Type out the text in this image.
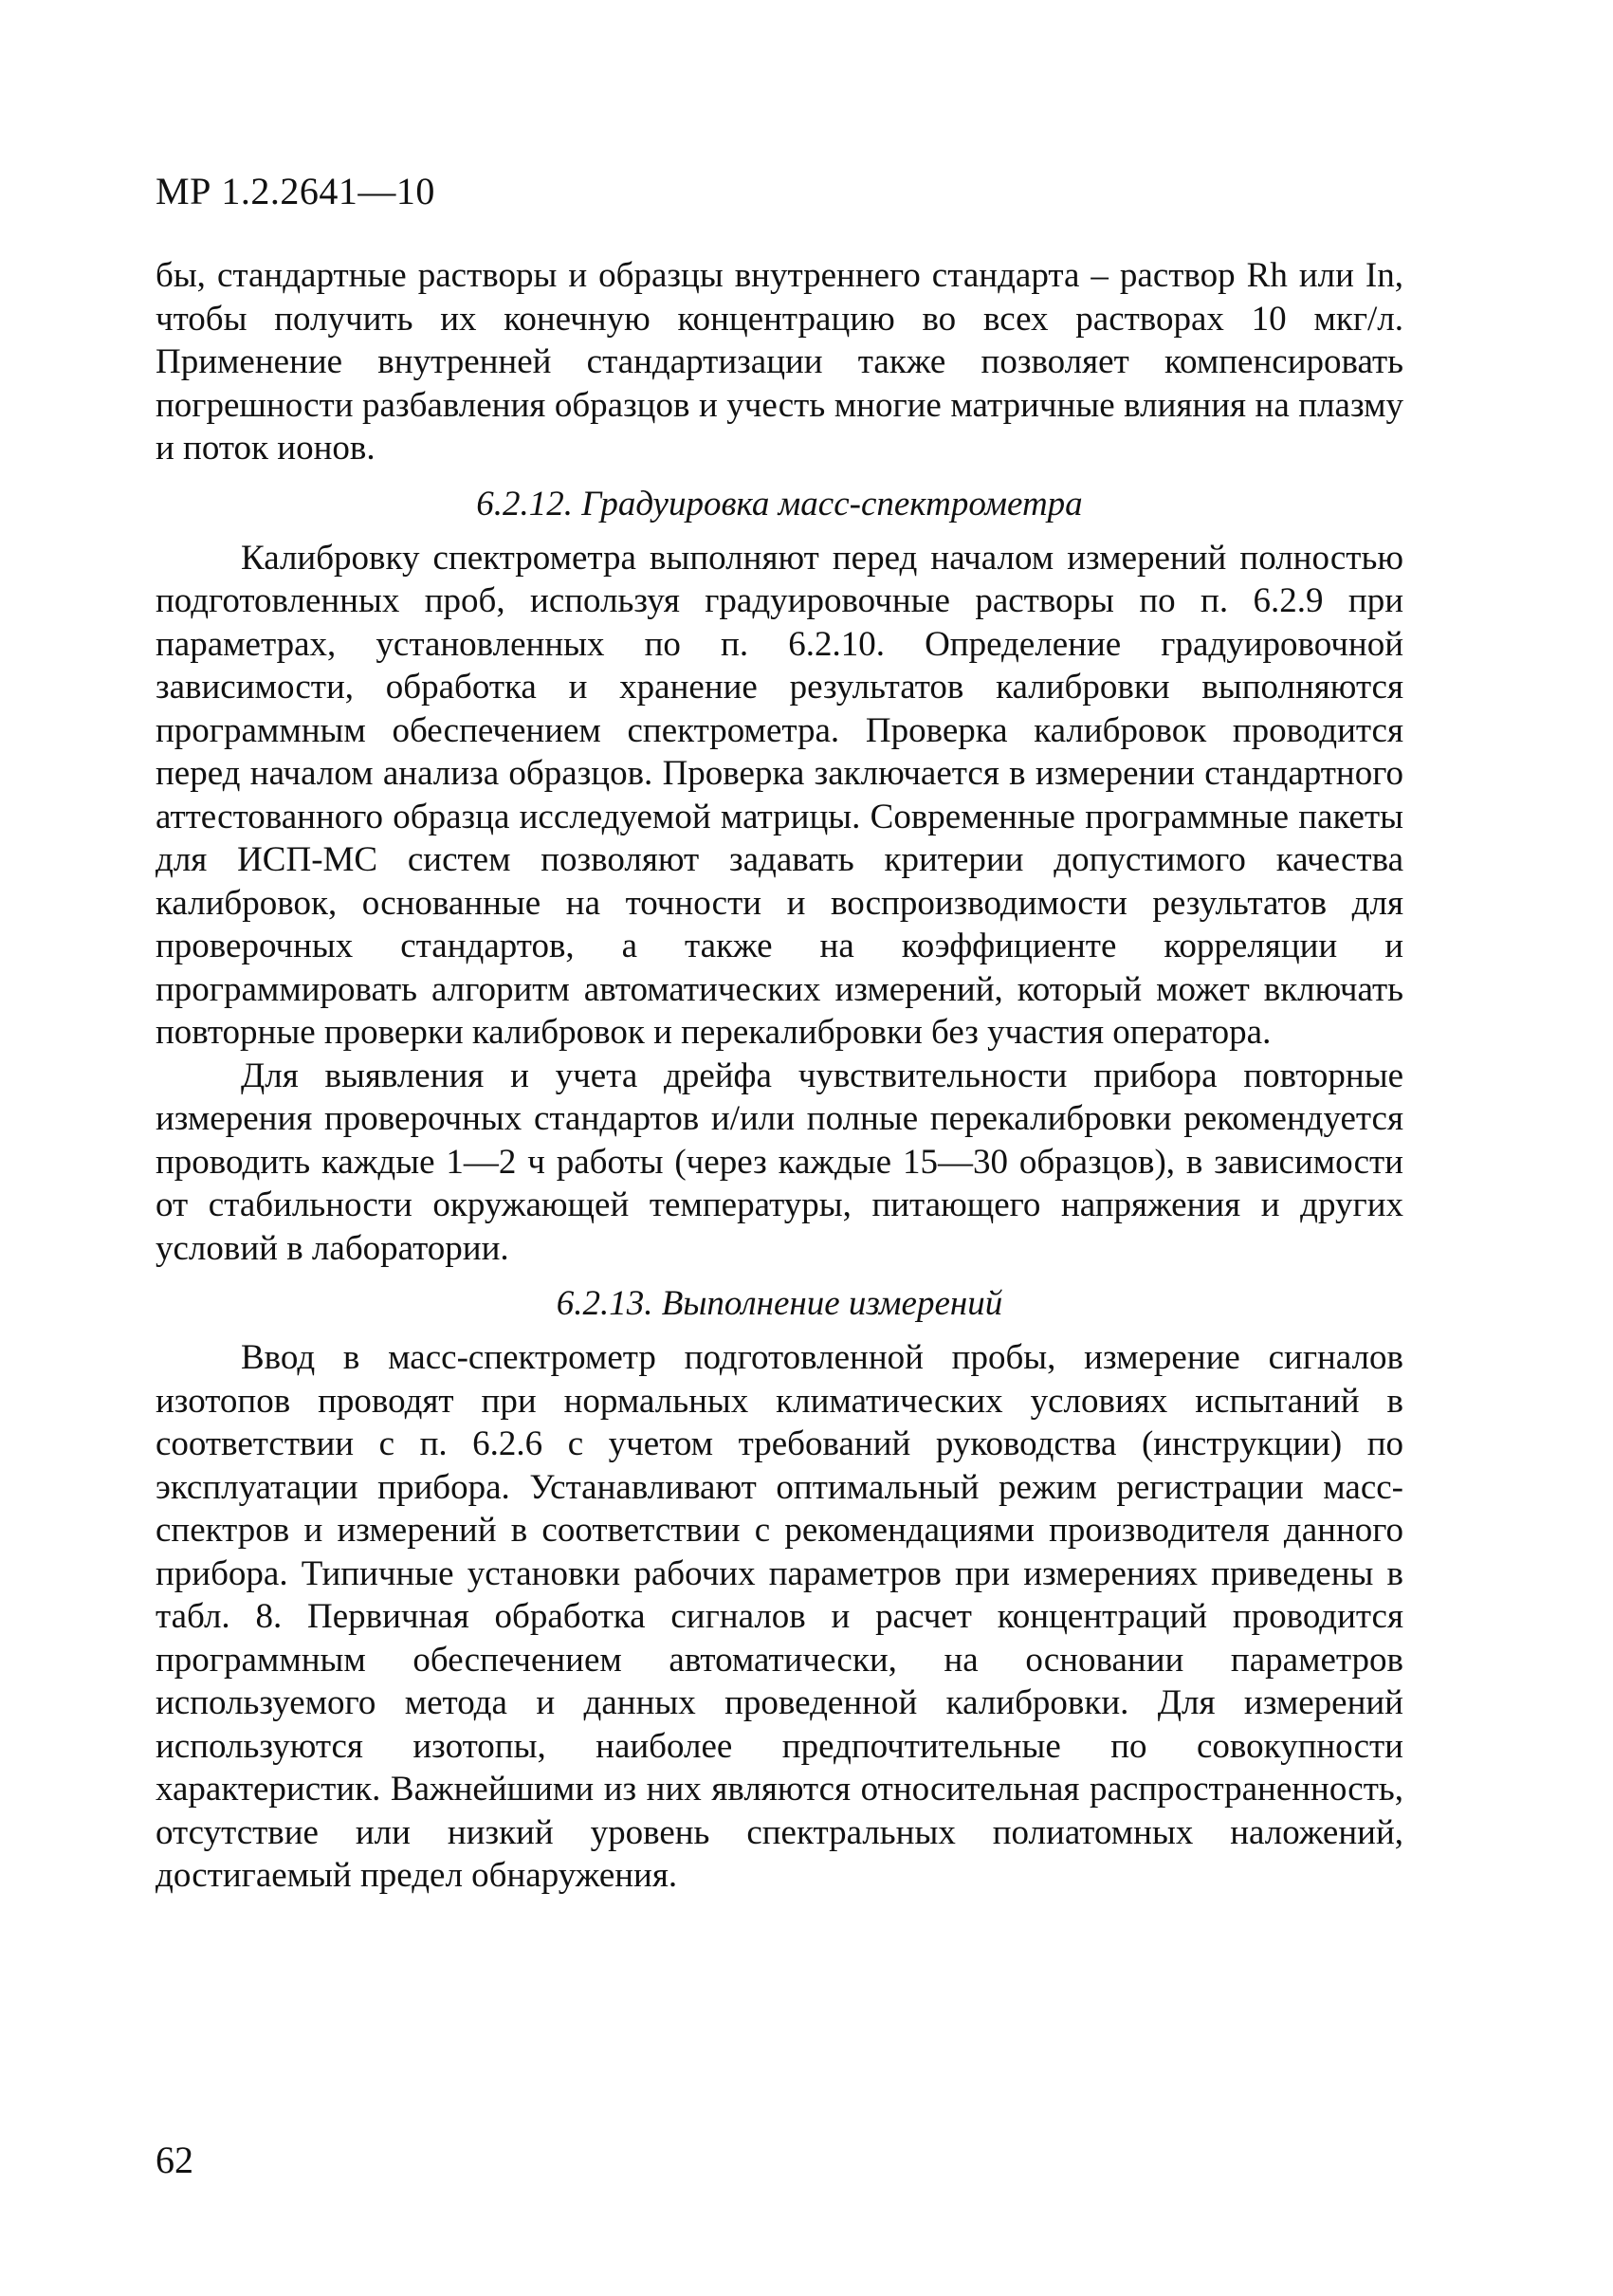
МР 1.2.2641—10

бы, стандартные растворы и образцы внутреннего стандарта – раствор Rh или In, чтобы получить их конечную концентрацию во всех растворах 10 мкг/л. Применение внутренней стандартизации также позволяет компенсировать погрешности разбавления образцов и учесть многие матричные влияния на плазму и поток ионов.

6.2.12. Градуировка масс-спектрометра

Калибровку спектрометра выполняют перед началом измерений полностью подготовленных проб, используя градуировочные растворы по п. 6.2.9 при параметрах, установленных по п. 6.2.10. Определение градуировочной зависимости, обработка и хранение результатов калибровки выполняются программным обеспечением спектрометра. Проверка калибровок проводится перед началом анализа образцов. Проверка заключается в измерении стандартного аттестованного образца исследуемой матрицы. Современные программные пакеты для ИСП-МС систем позволяют задавать критерии допустимого качества калибровок, основанные на точности и воспроизводимости результатов для проверочных стандартов, а также на коэффициенте корреляции и программировать алгоритм автоматических измерений, который может включать повторные проверки калибровок и перекалибровки без участия оператора.

Для выявления и учета дрейфа чувствительности прибора повторные измерения проверочных стандартов и/или полные перекалибровки рекомендуется проводить каждые 1—2 ч работы (через каждые 15—30 образцов), в зависимости от стабильности окружающей температуры, питающего напряжения и других условий в лаборатории.

6.2.13. Выполнение измерений

Ввод в масс-спектрометр подготовленной пробы, измерение сигналов изотопов проводят при нормальных климатических условиях испытаний в соответствии с п. 6.2.6 с учетом требований руководства (инструкции) по эксплуатации прибора. Устанавливают оптимальный режим регистрации масс-спектров и измерений в соответствии с рекомендациями производителя данного прибора. Типичные установки рабочих параметров при измерениях приведены в табл. 8. Первичная обработка сигналов и расчет концентраций проводится программным обеспечением автоматически, на основании параметров используемого метода и данных проведенной калибровки. Для измерений используются изотопы, наиболее предпочтительные по совокупности характеристик. Важнейшими из них являются относительная распространенность, отсутствие или низкий уровень спектральных полиатомных наложений, достигаемый предел обнаружения.

62
